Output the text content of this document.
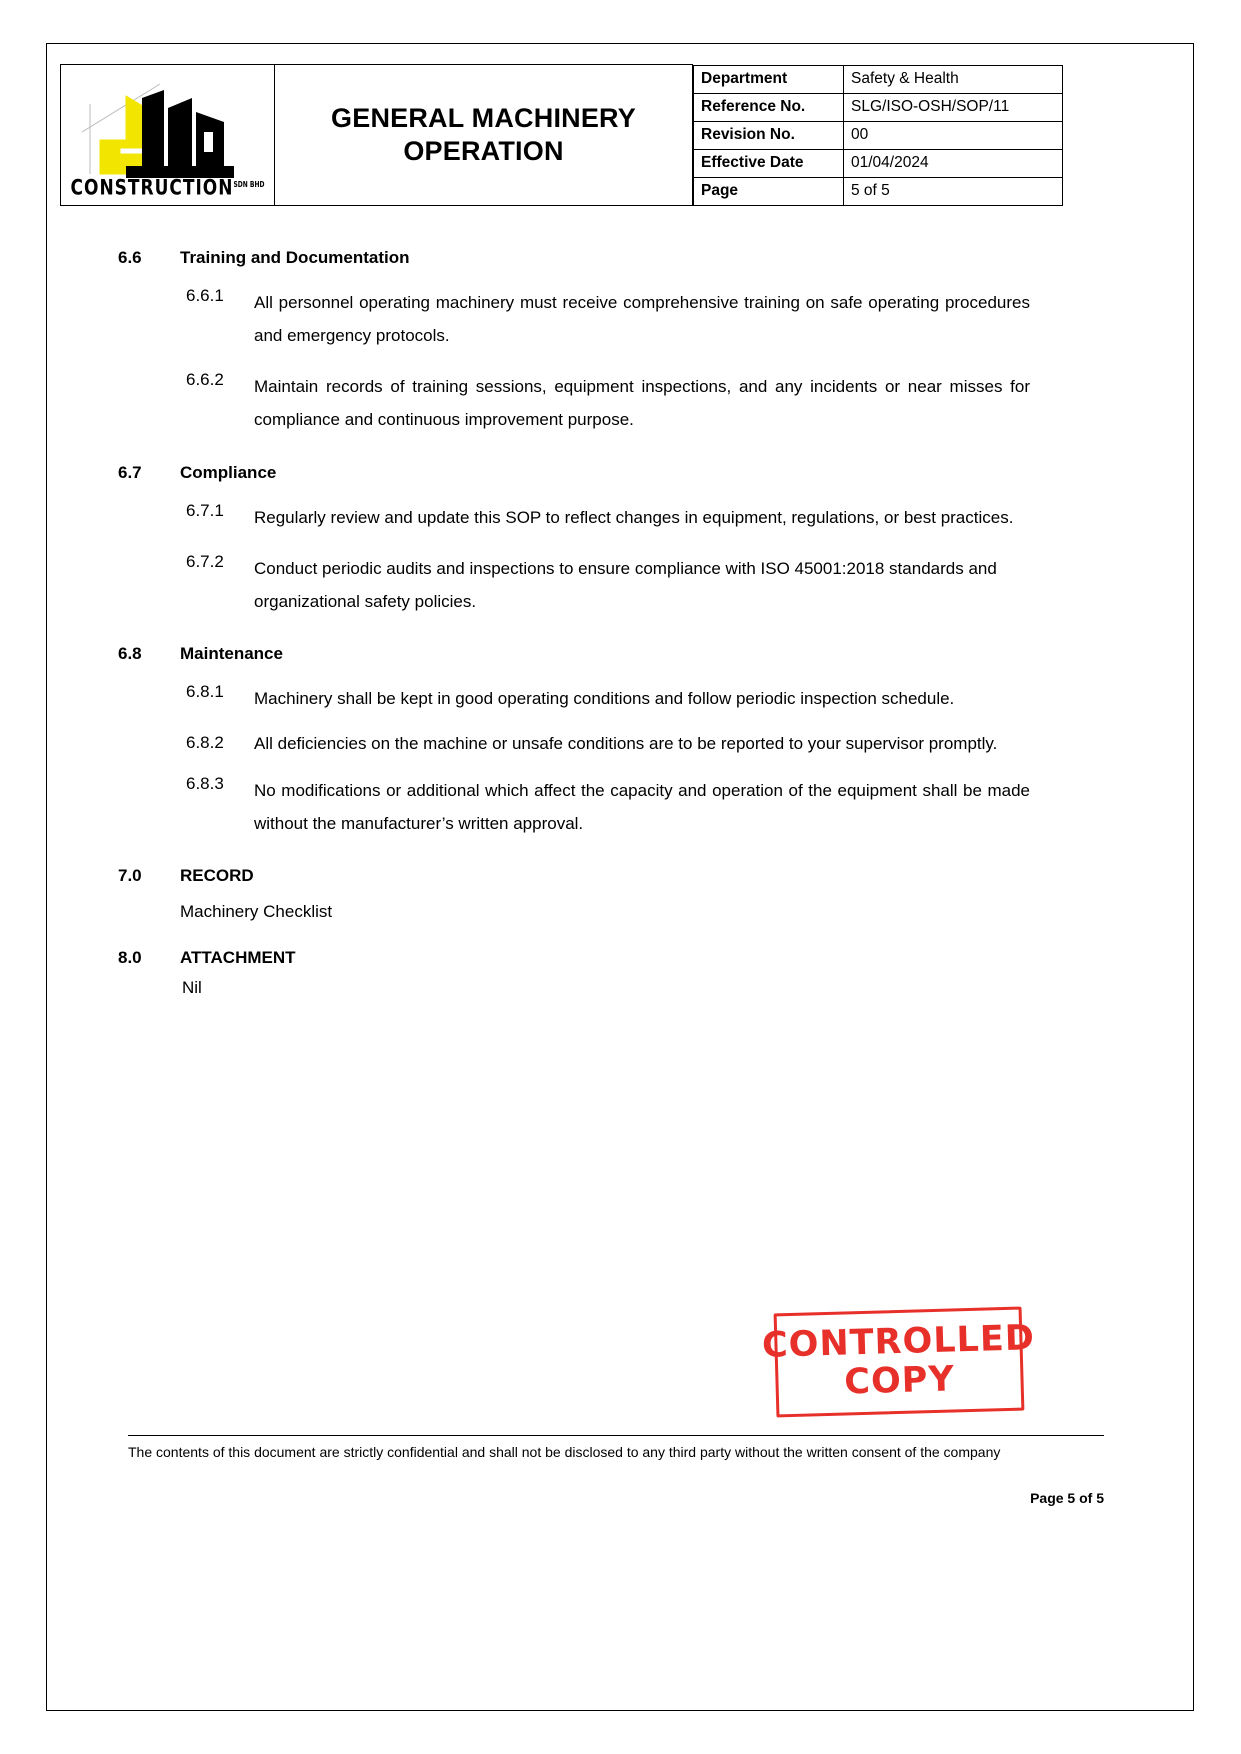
$CONSTRUCTION^{SDN BHD}$

GENERAL MACHINERY
OPERATION

Department	Safety & Health
Reference No.	SLG/ISO-OSH/SOP/11
Revision No.	00
Effective Date	01/04/2024
Page	5 of 5
6.6	Training and Documentation
6.6.1	All personnel operating machinery must receive comprehensive training on safe operating procedures and emergency protocols.
6.6.2	Maintain records of training sessions, equipment inspections, and any incidents or near misses for compliance and continuous improvement purpose.
6.7	Compliance
6.7.1	Regularly review and update this SOP to reflect changes in equipment, regulations, or best practices.
6.7.2	Conduct periodic audits and inspections to ensure compliance with ISO 45001:2018 standards and organizational safety policies.
6.8	Maintenance
6.8.1	Machinery shall be kept in good operating conditions and follow periodic inspection schedule.
6.8.2	All deficiencies on the machine or unsafe conditions are to be reported to your supervisor promptly.
6.8.3	No modifications or additional which affect the capacity and operation of the equipment shall be made without the manufacturer’s written approval.
7.0	RECORD
Machinery Checklist
8.0	ATTACHMENT
Nil
CONTROLLED
COPY
The contents of this document are strictly confidential and shall not be disclosed to any third party without the written consent of the company
Page 5 of 5
